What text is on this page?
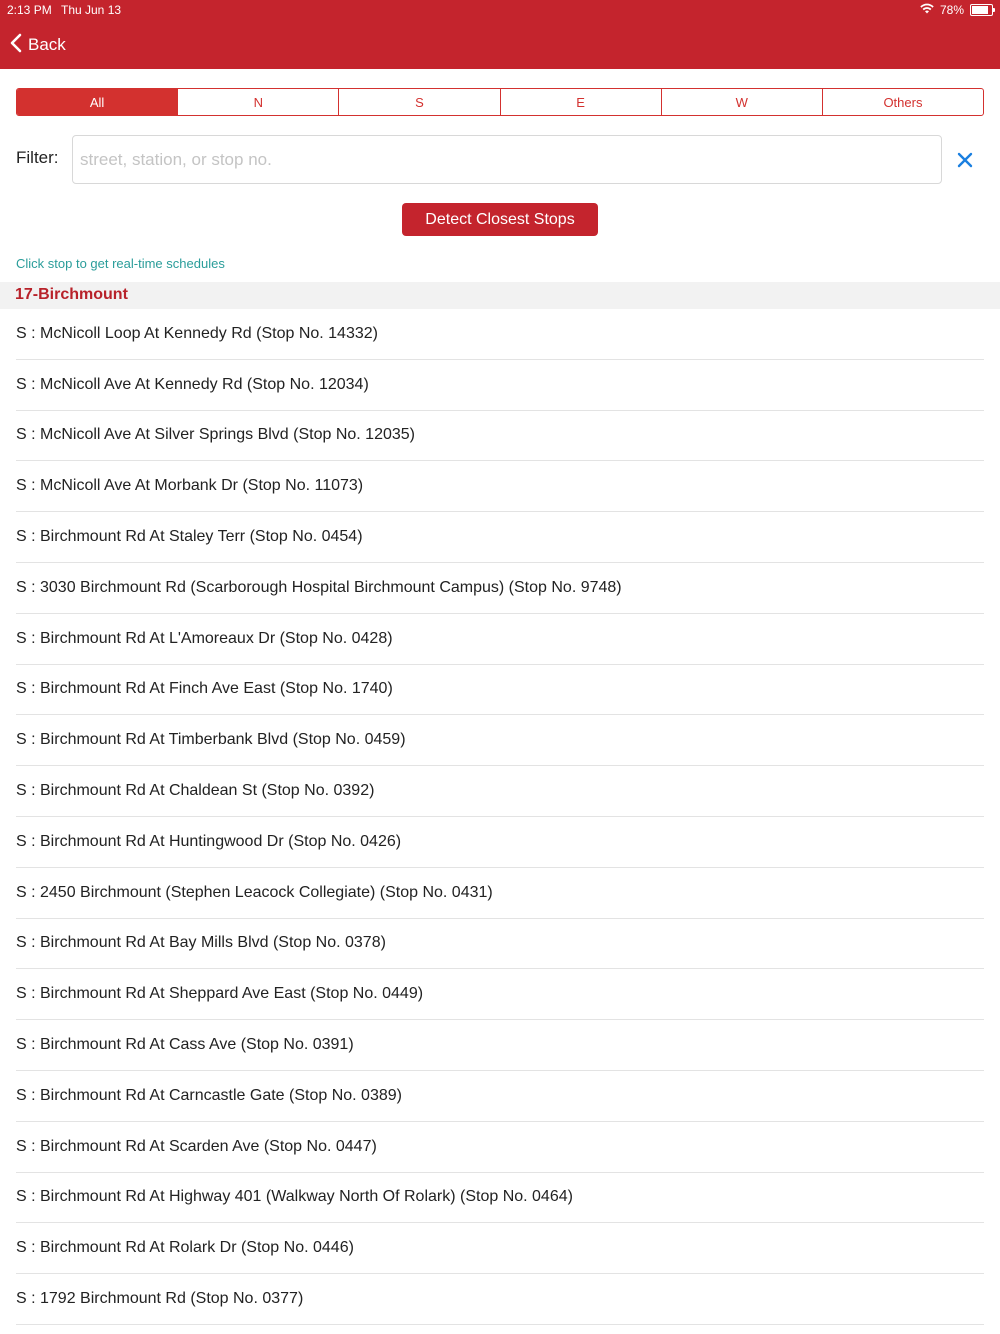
2:13 PM Thu Jun 13	78%
Back
All	N	S	E	W	Others
Filter:
street, station, or stop no.
Detect Closest Stops
Click stop to get real-time schedules
17-Birchmount
S : McNicoll Loop At Kennedy Rd (Stop No. 14332)
S : McNicoll Ave At Kennedy Rd (Stop No. 12034)
S : McNicoll Ave At Silver Springs Blvd (Stop No. 12035)
S : McNicoll Ave At Morbank Dr (Stop No. 11073)
S : Birchmount Rd At Staley Terr (Stop No. 0454)
S : 3030 Birchmount Rd (Scarborough Hospital Birchmount Campus) (Stop No. 9748)
S : Birchmount Rd At L'Amoreaux Dr (Stop No. 0428)
S : Birchmount Rd At Finch Ave East (Stop No. 1740)
S : Birchmount Rd At Timberbank Blvd (Stop No. 0459)
S : Birchmount Rd At Chaldean St (Stop No. 0392)
S : Birchmount Rd At Huntingwood Dr (Stop No. 0426)
S : 2450 Birchmount (Stephen Leacock Collegiate) (Stop No. 0431)
S : Birchmount Rd At Bay Mills Blvd (Stop No. 0378)
S : Birchmount Rd At Sheppard Ave East (Stop No. 0449)
S : Birchmount Rd At Cass Ave (Stop No. 0391)
S : Birchmount Rd At Carncastle Gate (Stop No. 0389)
S : Birchmount Rd At Scarden Ave (Stop No. 0447)
S : Birchmount Rd At Highway 401 (Walkway North Of Rolark) (Stop No. 0464)
S : Birchmount Rd At Rolark Dr (Stop No. 0446)
S : 1792 Birchmount Rd (Stop No. 0377)
